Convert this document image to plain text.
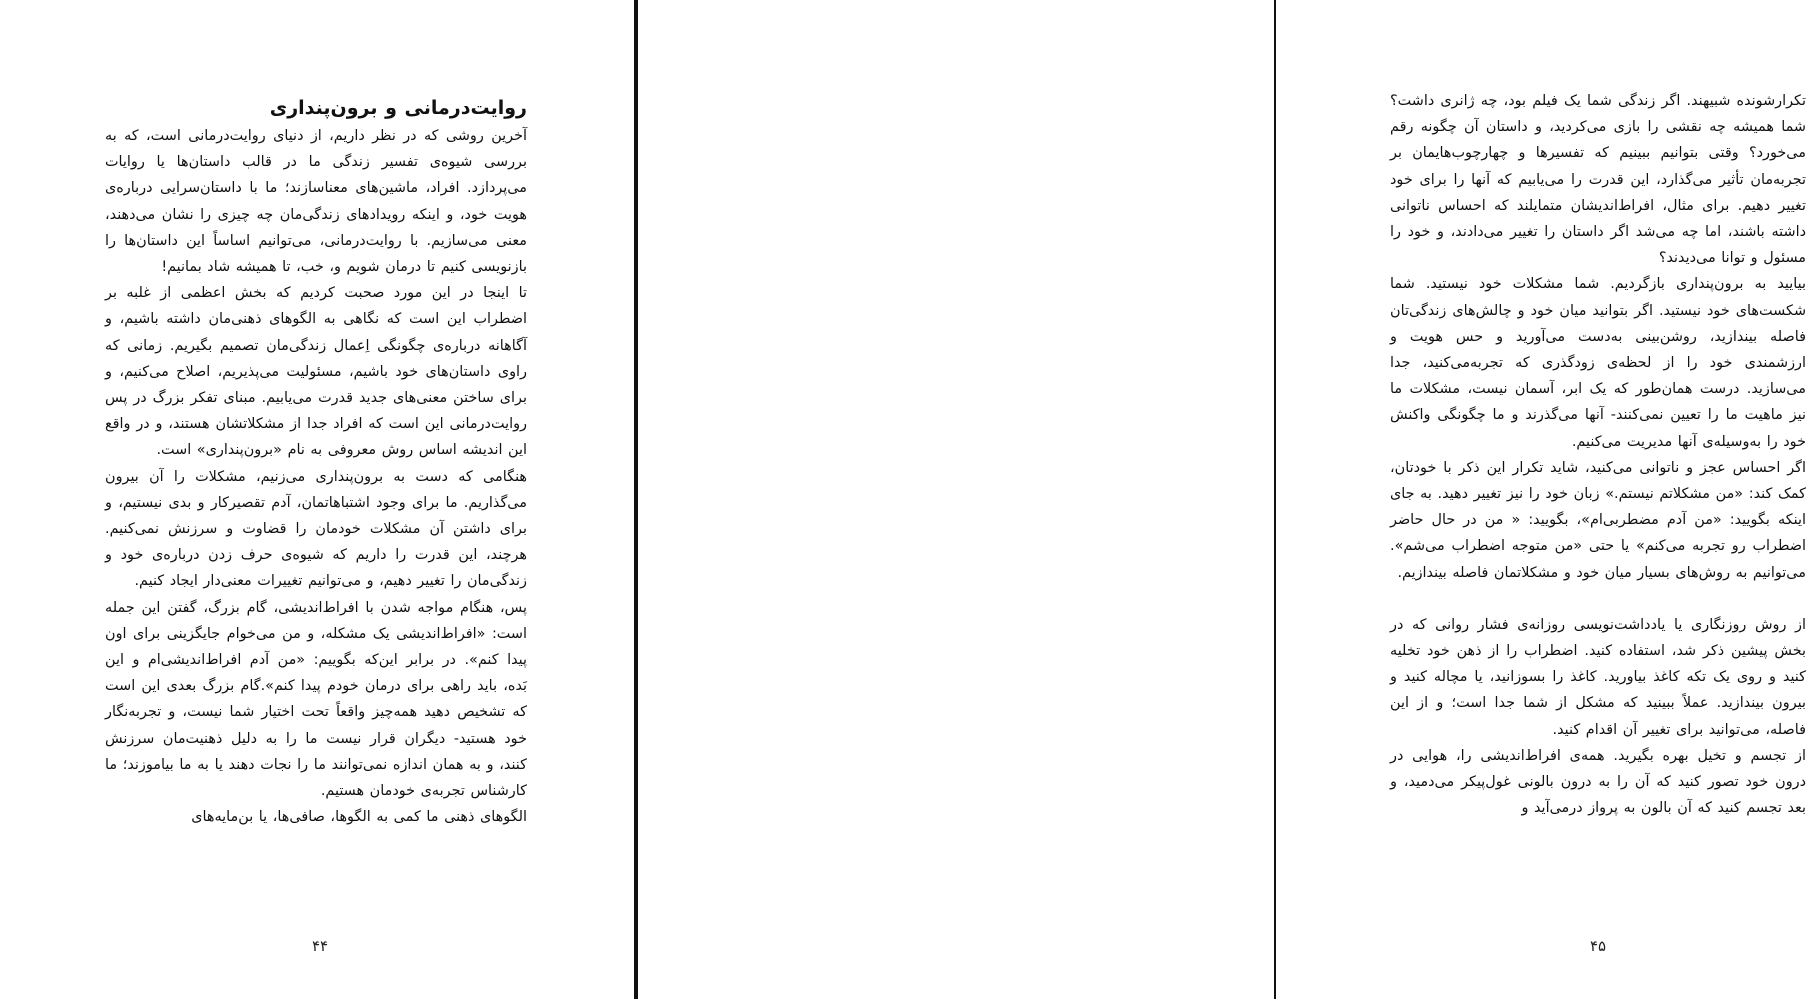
روایت‌درمانی و برون‌پنداری

آخرین روشی که در نظر داریم، از دنیای روایت‌درمانی است، که به بررسی شیوه‌ی تفسیر زندگی ما در قالب داستان‌ها یا روایات می‌پردازد. افراد، ماشین‌های معناسازند؛ ما با داستان‌سرایی درباره‌ی هویت خود، و اینکه رویدادهای زندگی‌مان چه چیزی را نشان می‌دهند، معنی می‌سازیم. با روایت‌درمانی، می‌توانیم اساساً این داستان‌ها را بازنویسی کنیم تا درمان شویم و، خب، تا همیشه شاد بمانیم!

تا اینجا در این مورد صحبت کردیم که بخش اعظمی از غلبه بر اضطراب این است که نگاهی به الگوهای ذهنی‌مان داشته باشیم، و آگاهانه درباره‌ی چگونگی اِعمال زندگی‌مان تصمیم بگیریم. زمانی که راوی داستان‌های خود باشیم، مسئولیت می‌پذیریم، اصلاح می‌کنیم، و برای ساختن معنی‌های جدید قدرت می‌یابیم. مبنای تفکر بزرگ در پس روایت‌درمانی این است که افراد جدا از مشکلاتشان هستند، و در واقع این اندیشه اساس روش معروفی به نام «برون‌پنداری» است.

هنگامی که دست به برون‌پنداری می‌زنیم، مشکلات را آن بیرون می‌گذاریم. ما برای وجود اشتباهاتمان، آدم تقصیرکار و بدی نیستیم، و برای داشتن آن مشکلات خودمان را قضاوت و سرزنش نمی‌کنیم. هرچند، این قدرت را داریم که شیوه‌ی حرف زدن درباره‌ی خود و زندگی‌مان را تغییر دهیم، و می‌توانیم تغییرات معنی‌دار ایجاد کنیم.

پس، هنگام مواجه شدن با افراط‌اندیشی، گام بزرگ، گفتن این جمله است: «افراط‌اندیشی یک مشکله، و من می‌خوام جایگزینی برای اون پیدا کنم». در برابر این‌که بگوییم: «من آدم افراط‌اندیشی‌ام و این بَده، باید راهی برای درمان خودم پیدا کنم».گام بزرگ بعدی این است که تشخیص دهید همه‌چیز واقعاً تحت اختیار شما نیست، و تجربه‌نگار خود هستید- دیگران قرار نیست ما را به دلیل ذهنیت‌مان سرزنش کنند، و به همان اندازه نمی‌توانند ما را نجات دهند یا به ما بیاموزند؛ ما کارشناس تجربه‌ی خودمان هستیم.

الگوهای ذهنی ما کمی به الگوها، صافی‌ها، یا بن‌مایه‌های

۴۴

تکرارشونده شبیهند. اگر زندگی شما یک فیلم بود، چه ژانری داشت؟ شما همیشه چه نقشی را بازی می‌کردید، و داستان آن چگونه رقم می‌خورد؟ وقتی بتوانیم ببینیم که تفسیرها و چهارچوب‌هایمان بر تجربه‌مان تأثیر می‌گذارد، این قدرت را می‌یابیم که آنها را برای خود تغییر دهیم. برای مثال، افراط‌اندیشان متمایلند که احساس ناتوانی داشته باشند، اما چه می‌شد اگر داستان را تغییر می‌دادند، و خود را مسئول و توانا می‌دیدند؟

بیایید به برون‌پنداری بازگردیم. شما مشکلات خود نیستید. شما شکست‌های خود نیستید. اگر بتوانید میان خود و چالش‌های زندگی‌تان فاصله بیندازید، روشن‌بینی به‌دست می‌آورید و حس هویت و ارزشمندی خود را از لحظه‌ی زودگذری که تجربه‌می‌کنید، جدا می‌سازید. درست همان‌طور که یک ابر، آسمان نیست، مشکلات ما نیز ماهیت ما را تعیین نمی‌کنند- آنها می‌گذرند و ما چگونگی واکنش خود را به‌وسیله‌ی آنها مدیریت می‌کنیم.

اگر احساس عجز و ناتوانی می‌کنید، شاید تکرار این ذکر با خودتان، کمک کند: «من مشکلاتم نیستم.» زبان خود را نیز تغییر دهید. به جای اینکه بگویید: «من آدم مضطربی‌ام»، بگویید: « من در حال حاضر اضطراب رو تجربه می‌کنم» یا حتی «من متوجه اضطراب می‌شم». می‌توانیم به روش‌های بسیار میان خود و مشکلاتمان فاصله بیندازیم.

از روش روزنگاری یا یادداشت‌نویسی روزانه‌ی فشار روانی که در بخش پیشین ذکر شد، استفاده کنید. اضطراب را از ذهن خود تخلیه کنید و روی یک تکه کاغذ بیاورید. کاغذ را بسوزانید، یا مچاله کنید و بیرون بیندازید. عملاً ببینید که مشکل از شما جدا است؛ و از این فاصله، می‌توانید برای تغییر آن اقدام کنید.

از تجسم و تخیل بهره بگیرید. همه‌ی افراط‌اندیشی را، هوایی در درون خود تصور کنید که آن را به درون بالونی غول‌پیکر می‌دمید، و بعد تجسم کنید که آن بالون به پرواز درمی‌آید و

۴۵
